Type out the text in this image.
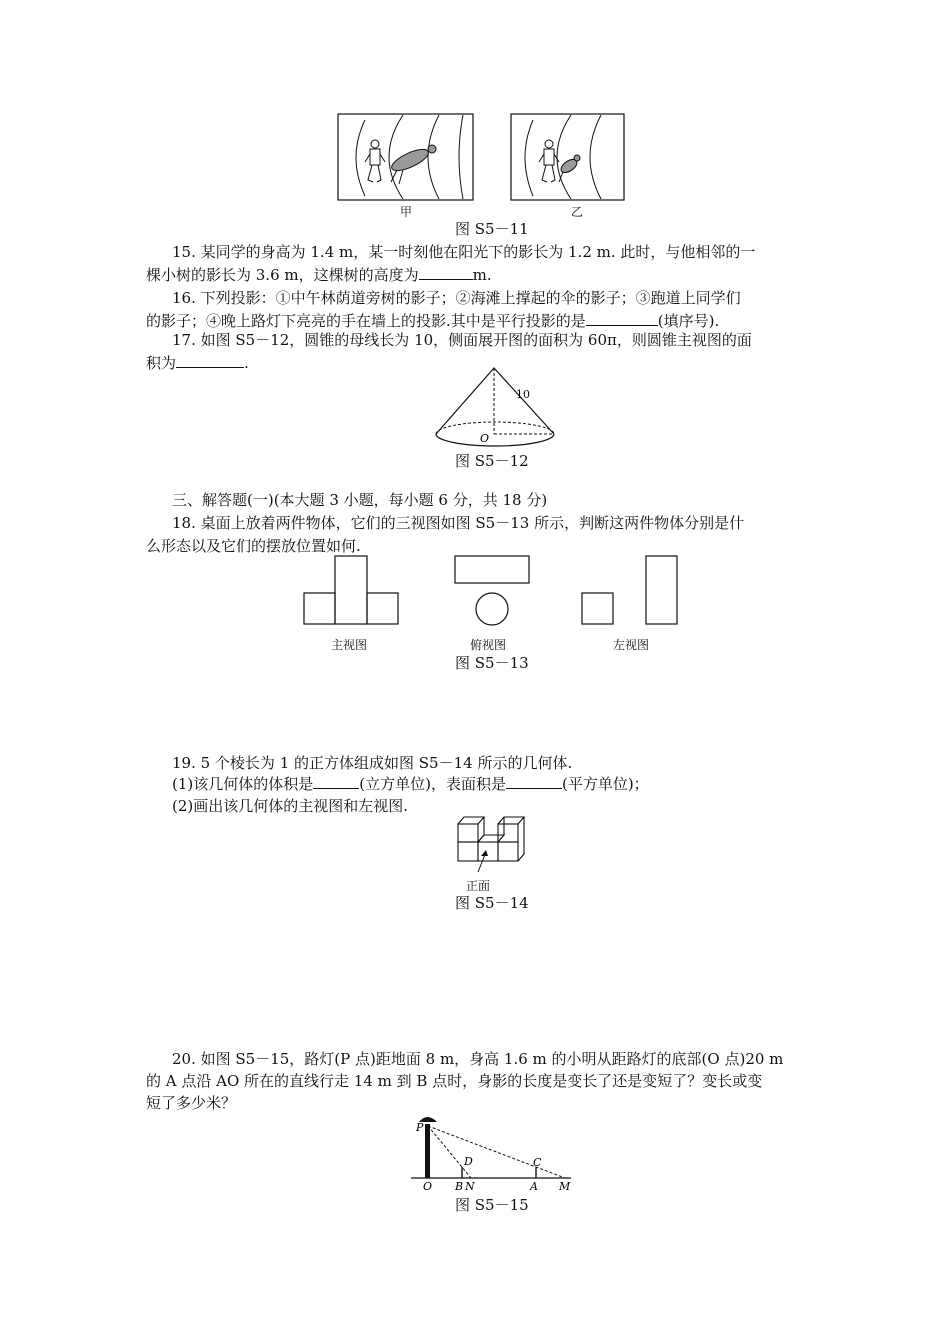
甲	乙
图 S5－11
15. 某同学的身高为 1.4 m，某一时刻他在阳光下的影长为 1.2 m. 此时，与他相邻的一
棵小树的影长为 3.6 m，这棵树的高度为	m.
16. 下列投影：①中午林荫道旁树的影子；②海滩上撑起的伞的影子；③跑道上同学们
的影子；④晚上路灯下亮亮的手在墙上的投影.其中是平行投影的是	(填序号).
17. 如图 S5－12，圆锥的母线长为 10，侧面展开图的面积为 60π，则圆锥主视图的面
积为	.
10
O
图 S5－12
三、解答题(一)(本大题 3 小题，每小题 6 分，共 18 分)
18. 桌面上放着两件物体，它们的三视图如图 S5－13 所示，判断这两件物体分别是什
么形态以及它们的摆放位置如何.
主视图	俯视图	左视图
图 S5－13
19. 5 个棱长为 1 的正方体组成如图 S5－14 所示的几何体.
(1)该几何体的体积是	(立方单位)，表面积是	(平方单位)；
(2)画出该几何体的主视图和左视图.
正面
图 S5－14
20. 如图 S5－15，路灯(P 点)距地面 8 m，身高 1.6 m 的小明从距路灯的底部(O 点)20 m
的 A 点沿 AO 所在的直线行走 14 m 到 B 点时，身影的长度是变长了还是变短了？变长或变
短了多少米？
P
O B N
D
A
C
M
图 S5－15
